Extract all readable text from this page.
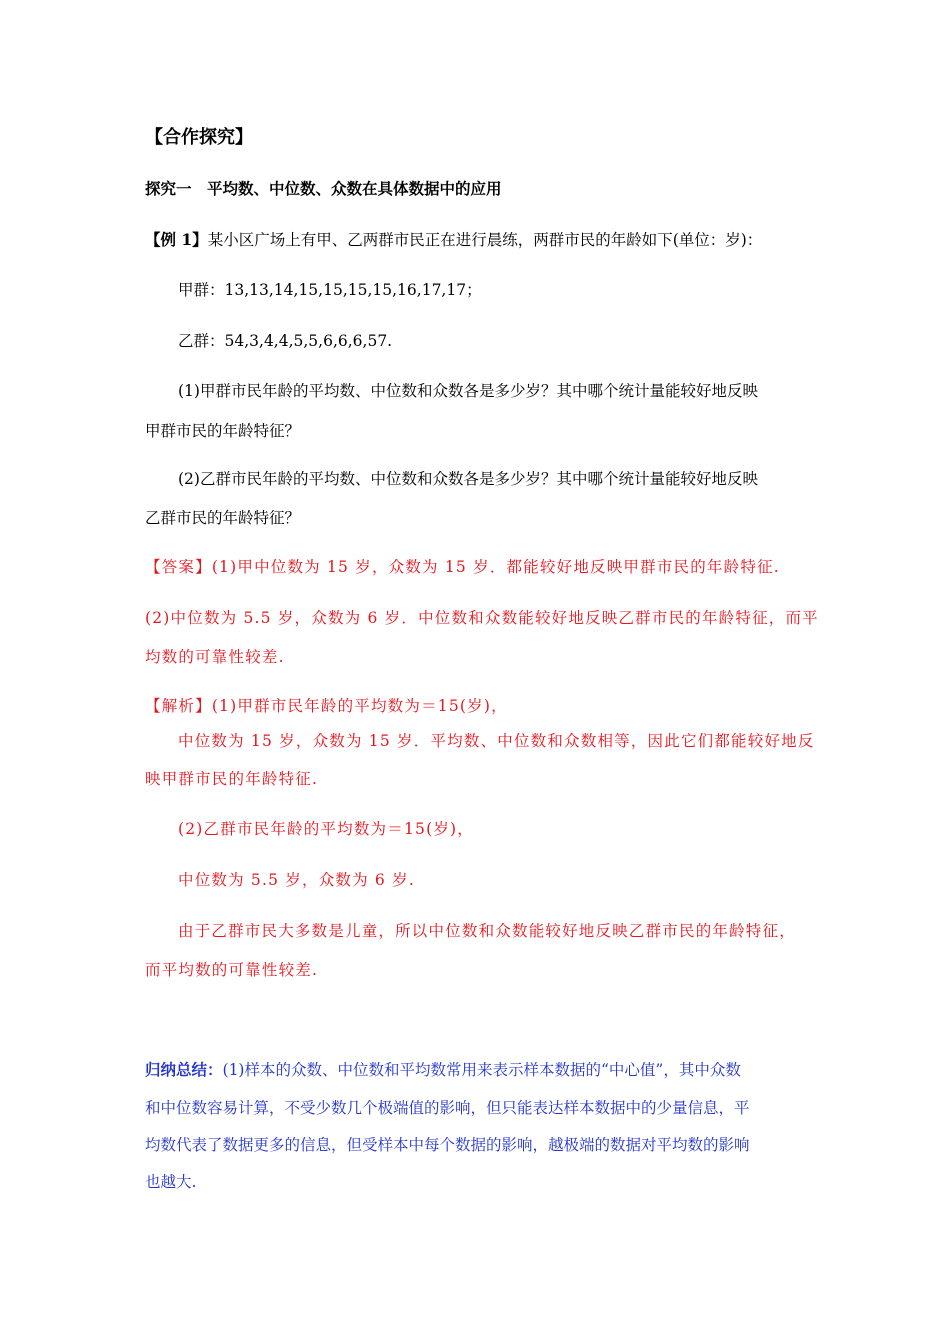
【合作探究】
探究一　平均数、中位数、众数在具体数据中的应用
【例 1】某小区广场上有甲、乙两群市民正在进行晨练，两群市民的年龄如下(单位：岁)：
甲群：13,13,14,15,15,15,15,16,17,17；
乙群：54,3,4,4,5,5,6,6,6,57.
(1)甲群市民年龄的平均数、中位数和众数各是多少岁？其中哪个统计量能较好地反映
甲群市民的年龄特征？
(2)乙群市民年龄的平均数、中位数和众数各是多少岁？其中哪个统计量能较好地反映
乙群市民的年龄特征？
【答案】(1)甲中位数为 15 岁，众数为 15 岁．都能较好地反映甲群市民的年龄特征.
(2)中位数为 5.5 岁，众数为 6 岁．中位数和众数能较好地反映乙群市民的年龄特征，而平
均数的可靠性较差.
【解析】(1)甲群市民年龄的平均数为＝15(岁)，
中位数为 15 岁，众数为 15 岁．平均数、中位数和众数相等，因此它们都能较好地反
映甲群市民的年龄特征.
(2)乙群市民年龄的平均数为＝15(岁)，
中位数为 5.5 岁，众数为 6 岁.
由于乙群市民大多数是儿童，所以中位数和众数能较好地反映乙群市民的年龄特征，
而平均数的可靠性较差.
归纳总结：(1)样本的众数、中位数和平均数常用来表示样本数据的“中心值”，其中众数
和中位数容易计算，不受少数几个极端值的影响，但只能表达样本数据中的少量信息，平
均数代表了数据更多的信息，但受样本中每个数据的影响，越极端的数据对平均数的影响
也越大.
